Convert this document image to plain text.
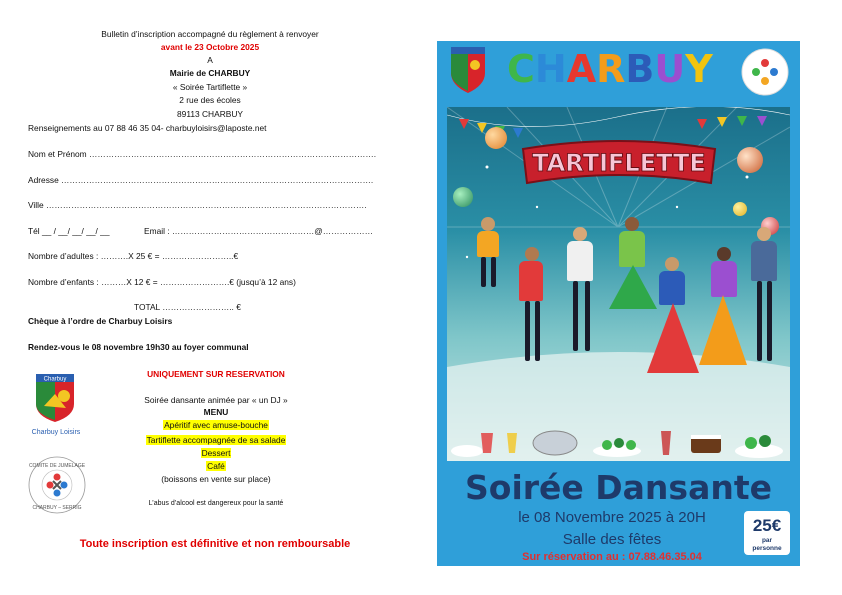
Bulletin d’inscription accompagné du règlement à renvoyer
avant le 23 Octobre 2025
A
Mairie de CHARBUY
« Soirée Tartiflette »
2 rue des écoles
89113 CHARBUY
Renseignements au 07 88 46 35 04- charbuyloisirs@laposte.net
Nom et Prénom ………………………………………………………………………………………….
Adresse ………………………………………………………………………………………………….
Ville …………………………………………………………………………………………………….
Tél __ / __/ __/ __/ __	Email : ……………………………………………@………………
Nombre d’adultes : ……….X 25 € = ……………………..€
Nombre d’enfants : ………X 12 € = …………………….€ (jusqu’à 12 ans)
TOTAL …………………….. €
Chèque à l’ordre de Charbuy Loisirs
Rendez-vous le 08 novembre 19h30 au foyer communal
Charbuy
Charbuy Loisirs
COMITE DE JUMELAGE
CHARBUY – SERRIG
UNIQUEMENT SUR RESERVATION
Soirée dansante animée par « un DJ »
MENU
Apéritif avec amuse-bouche
Tartiflette accompagnée de sa salade
Dessert
Café
(boissons en vente sur place)
L’abus d’alcool est dangereux pour la santé
Toute inscription est définitive et non remboursable
CHARBUY
TARTIFLETTE
Soirée Dansante
le 08 Novembre 2025 à 20H
Salle des fêtes
Sur réservation au : 07.88.46.35.04
25€
par personne
